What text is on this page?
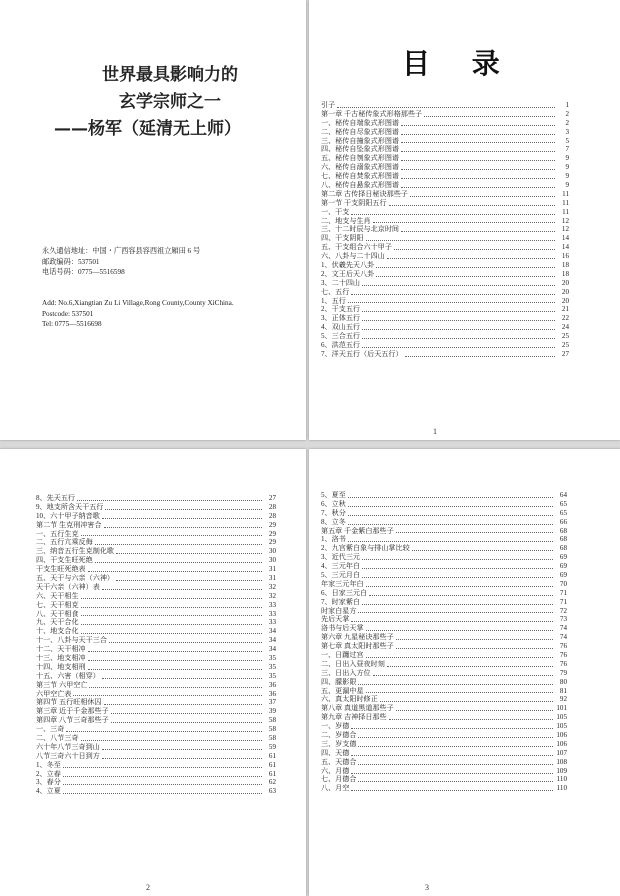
世界最具影响力的
玄学宗师之一
——杨军（延清无上师）
永久通信地址：中国・广西容县容西祖立厢田 6 号
邮政编码：537501
电话号码：0775—5516598
Add: No.6,Xiangtian Zu Li Village,Rong County,County XiChina.
Postcode: 537501
Tel: 0775—5516698
目 录
引子	1
第一章 千古秘传象式形格那些子	2
一、秘传自端象式形图谱	2
二、秘传自尽象式形图谱	3
三、秘传自撞象式形图谱	5
四、秘传自坠象式形图谱	7
五、秘传自刎象式形图谱	9
六、秘传自溺象式形图谱	9
七、秘传自焚象式形图谱	9
八、秘传自悬象式形图谱	9
第二章 古传择日秘诀那些子	11
第一节 干支阴阳五行	11
一、干支	11
二、地支与生肖	12
三、十二时辰与北京时间	12
四、干支阴阳	14
五、干支组合六十甲子	14
六、八卦与二十四山	16
1、伏羲先天八卦	18
2、文王后天八卦	18
3、二十四山	20
七、五行	20
1、五行	20
2、干支五行	21
3、正体五行	22
4、双山五行	24
5、三合五行	25
6、洪范五行	25
7、洋天五行（后天五行）	27
1
8、先天五行	27
9、地支所含天干五行	28
10、六十甲子纳音歌	28
第二节 生克刑冲害合	29
一、五行生克	29
二、五行亢乘反侮	29
三、纳音五行生克制化歌	30
四、干支生旺死绝	30
干支生旺死绝表	31
五、天干与六亲（六神）	31
天干六亲（六神）表	32
六、天干相生	32
七、天干相克	33
八、天干相食	33
九、天干合化	33
十、地支合化	34
十一、八卦与天干三合	34
十二、天干相冲	34
十三、地支相冲	35
十四、地支相刑	35
十五、六害（相穿）	35
第三节 六甲空亡	36
六甲空亡表	36
第四节 五行旺相休囚	37
第三章 近于千金那些子	39
第四章 八节三奇那些子	58
一、三奇	58
二、八节三奇	58
六十年八节三奇到山	59
八节三奇六十日到方	61
1、冬至	61
2、立春	61
3、春分	62
4、立夏	63
2
5、夏至	64
6、立秋	65
7、秋分	65
8、立冬	66
第五章 千金紫白那些子	68
1、洛书	68
2、九宫紫白象与排山掌比较	68
3、近代三元	69
4、三元年白	69
5、三元月白	69
年家三元年白	70
6、日家三元白	71
7、时家紫白	71
时家白星方	72
先后天掌	73
洛书与后天掌	74
第六章 九星秘诀那些子	74
第七章 真太阳时那些子	76
一、日躔过宫	76
二、日出入昼夜时刻	76
三、日出入方位	79
四、朦影限	80
五、更漏中星	81
六、真太阳时修正	92
第八章 真道黑道那些子	101
第九章 吉神择日那些	105
一、岁德	105
二、岁德合	106
三、岁支德	106
四、天德	107
五、天德合	108
六、月德	109
七、月德合	110
八、月空	110
3
